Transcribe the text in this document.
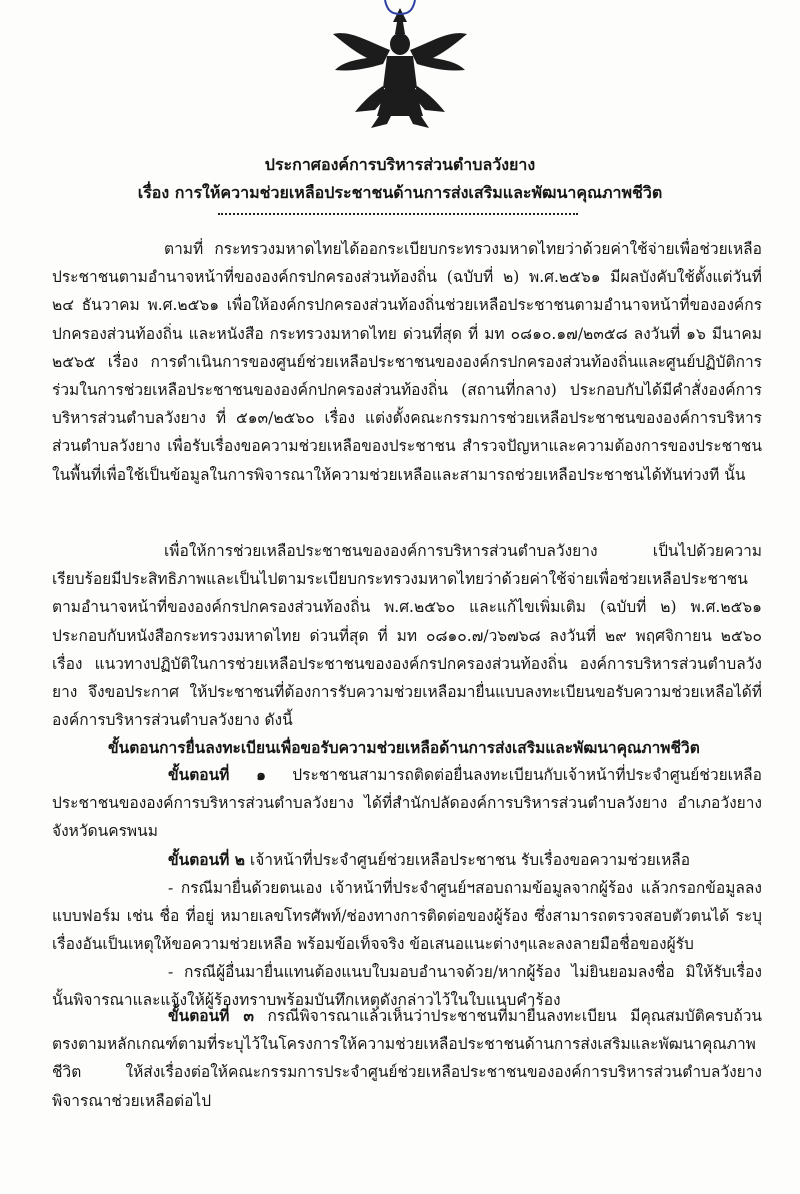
ประกาศองค์การบริหารส่วนตำบลวังยาง
เรื่อง การให้ความช่วยเหลือประชาชนด้านการส่งเสริมและพัฒนาคุณภาพชีวิต
ตามที่ กระทรวงมหาดไทยได้ออกระเบียบกระทรวงมหาดไทยว่าด้วยค่าใช้จ่ายเพื่อช่วยเหลือประชาชนตามอำนาจหน้าที่ขององค์กรปกครองส่วนท้องถิ่น (ฉบับที่ ๒) พ.ศ.๒๕๖๑ มีผลบังคับใช้ตั้งแต่วันที่ ๒๔ ธันวาคม พ.ศ.๒๕๖๑ เพื่อให้องค์กรปกครองส่วนท้องถิ่นช่วยเหลือประชาชนตามอำนาจหน้าที่ขององค์กรปกครองส่วนท้องถิ่น และหนังสือ กระทรวงมหาดไทย ด่วนที่สุด ที่ มท ๐๘๑๐.๑๗/๒๓๕๘ ลงวันที่ ๑๖ มีนาคม ๒๕๖๕ เรื่อง การดำเนินการของศูนย์ช่วยเหลือประชาชนขององค์กรปกครองส่วนท้องถิ่นและศูนย์ปฏิบัติการร่วมในการช่วยเหลือประชาชนขององค์กปกครองส่วนท้องถิ่น (สถานที่กลาง) ประกอบกับได้มีคำสั่งองค์การบริหารส่วนตำบลวังยาง ที่ ๕๑๓/๒๕๖๐ เรื่อง แต่งตั้งคณะกรรมการช่วยเหลือประชาชนขององค์การบริหารส่วนตำบลวังยาง เพื่อรับเรื่องขอความช่วยเหลือของประชาชน สำรวจปัญหาและความต้องการของประชาชนในพื้นที่เพื่อใช้เป็นข้อมูลในการพิจารณาให้ความช่วยเหลือและสามารถช่วยเหลือประชาชนได้ทันท่วงที นั้น
เพื่อให้การช่วยเหลือประชาชนขององค์การบริหารส่วนตำบลวังยาง เป็นไปด้วยความเรียบร้อยมีประสิทธิภาพและเป็นไปตามระเบียบกระทรวงมหาดไทยว่าด้วยค่าใช้จ่ายเพื่อช่วยเหลือประชาชน ตามอำนาจหน้าที่ขององค์กรปกครองส่วนท้องถิ่น พ.ศ.๒๕๖๐ และแก้ไขเพิ่มเติม (ฉบับที่ ๒) พ.ศ.๒๕๖๑ ประกอบกับหนังสือกระทรวงมหาดไทย ด่วนที่สุด ที่ มท ๐๘๑๐.๗/ว๖๗๖๘ ลงวันที่ ๒๙ พฤศจิกายน ๒๕๖๐ เรื่อง แนวทางปฏิบัติในการช่วยเหลือประชาชนขององค์กรปกครองส่วนท้องถิ่น องค์การบริหารส่วนตำบลวังยาง จึงขอประกาศ ให้ประชาชนที่ต้องการรับความช่วยเหลือมายื่นแบบลงทะเบียนขอรับความช่วยเหลือได้ที่องค์การบริหารส่วนตำบลวังยาง ดังนี้
ขั้นตอนการยื่นลงทะเบียนเพื่อขอรับความช่วยเหลือด้านการส่งเสริมและพัฒนาคุณภาพชีวิต
ขั้นตอนที่ ๑ ประชาชนสามารถติดต่อยื่นลงทะเบียนกับเจ้าหน้าที่ประจำศูนย์ช่วยเหลือประชาชนขององค์การบริหารส่วนตำบลวังยาง ได้ที่สำนักปลัดองค์การบริหารส่วนตำบลวังยาง อำเภอวังยาง จังหวัดนครพนม
ขั้นตอนที่ ๒ เจ้าหน้าที่ประจำศูนย์ช่วยเหลือประชาชน รับเรื่องขอความช่วยเหลือ
- กรณีมายื่นด้วยตนเอง เจ้าหน้าที่ประจำศูนย์ฯสอบถามข้อมูลจากผู้ร้อง แล้วกรอกข้อมูลลงแบบฟอร์ม เช่น ชื่อ ที่อยู่ หมายเลขโทรศัพท์/ช่องทางการติดต่อของผู้ร้อง ซึ่งสามารถตรวจสอบตัวตนได้ ระบุเรื่องอันเป็นเหตุให้ขอความช่วยเหลือ พร้อมข้อเท็จจริง ข้อเสนอแนะต่างๆและลงลายมือชื่อของผู้รับ
- กรณีผู้อื่นมายื่นแทนต้องแนบใบมอบอำนาจด้วย/หากผู้ร้อง ไม่ยินยอมลงชื่อ มิให้รับเรื่องนั้นพิจารณาและแจ้งให้ผู้ร้องทราบพร้อมบันทึกเหตุดังกล่าวไว้ในใบแนบคำร้อง
ขั้นตอนที่ ๓ กรณีพิจารณาแล้วเห็นว่าประชาชนที่มายื่นลงทะเบียน มีคุณสมบัติครบถ้วนตรงตามหลักเกณฑ์ตามที่ระบุไว้ในโครงการให้ความช่วยเหลือประชาชนด้านการส่งเสริมและพัฒนาคุณภาพชีวิต ให้ส่งเรื่องต่อให้คณะกรรมการประจำศูนย์ช่วยเหลือประชาชนขององค์การบริหารส่วนตำบลวังยาง พิจารณาช่วยเหลือต่อไป
